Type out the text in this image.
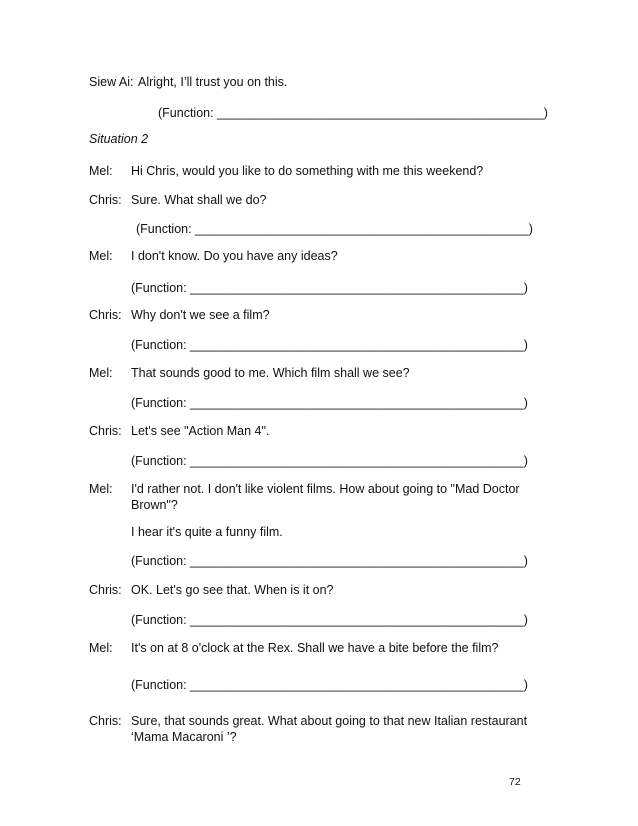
Siew Ai: Alright, I’ll trust you on this.
(Function: _______________________________________________)
Situation 2
Mel: Hi Chris, would you like to do something with me this weekend?
Chris: Sure. What shall we do?
(Function: ________________________________________________)
Mel: I don't know. Do you have any ideas?
(Function: ________________________________________________)
Chris: Why don't we see a film?
(Function: ________________________________________________)
Mel: That sounds good to me. Which film shall we see?
(Function: ________________________________________________)
Chris: Let's see "Action Man 4".
(Function: ________________________________________________)
Mel: I'd rather not. I don't like violent films. How about going to "Mad Doctor
Brown"?
I hear it's quite a funny film.
(Function: ________________________________________________)
Chris: OK. Let's go see that. When is it on?
(Function: ________________________________________________)
Mel: It's on at 8 o'clock at the Rex. Shall we have a bite before the film?
(Function: ________________________________________________)
Chris: Sure, that sounds great. What about going to that new Italian restaurant
‘Mama Macaroni ’?
72
